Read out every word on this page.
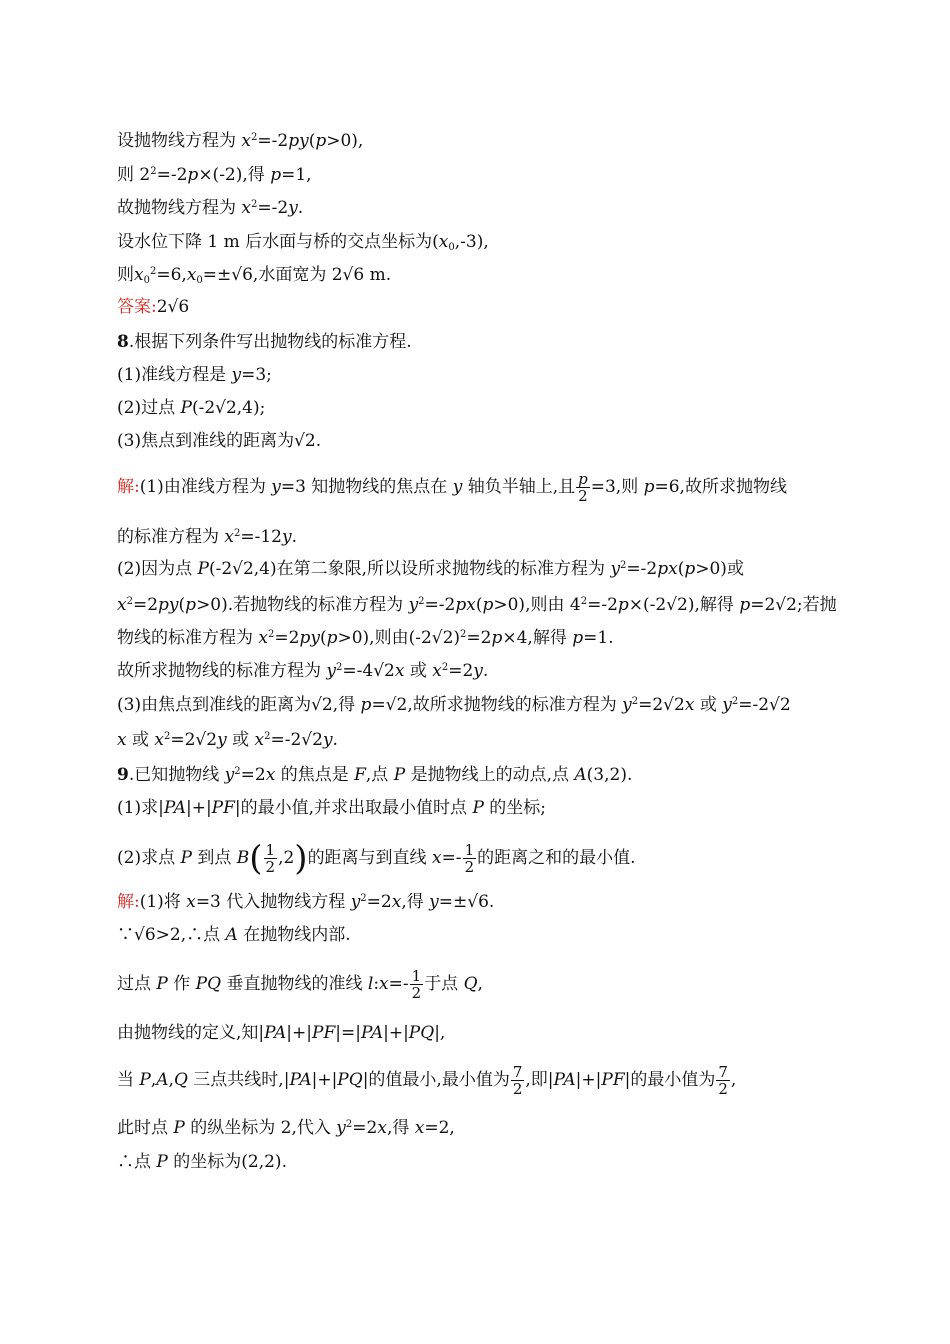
设抛物线方程为 $x^2=-2py(p>0)$,
则 $2^2=-2p\times(-2)$,得 p=1,
故抛物线方程为 $x^2=-2y$.
设水位下降 1 m 后水面与桥的交点坐标为$(x_0,-3)$,
则$x_0^2=6,x_0=\pm√6$,水面宽为 2√6 m.
答案:2√6
8.根据下列条件写出抛物线的标准方程.
(1)准线方程是 y=3;
(2)过点 P(-2√2,4);
(3)焦点到准线的距离为√2.
解:(1)由准线方程为 y=3 知抛物线的焦点在 y 轴负半轴上,且 $\frac{p}{2} =3$,则 p=6,故所求抛物线
的标准方程为 $x^2=-12y$.
(2)因为点 P(-2√2,4)在第二象限,所以设所求抛物线的标准方程为 $y^2=-2px(p>0)$或
$x^2=2py(p>0)$.若抛物线的标准方程为 $y^2=-2px(p>0)$,则由 $4^2=-2p\times(-2√2)$,解得 p=2√2;若抛
物线的标准方程为 $x^2=2py(p>0)$,则由$(-2√2)^2=2p\times 4$,解得 p=1.
故所求抛物线的标准方程为 $y^2=-4√2x$ 或 $x^2=2y$.
(3)由焦点到准线的距离为√2,得 p=√2,故所求抛物线的标准方程为 $y^2=2√2x$ 或 $y^2=-2√2$
x 或 $x^2=2√2y$ 或 $x^2=-2√2y$.
9.已知抛物线 $y^2=2x$ 的焦点是 F,点 P 是抛物线上的动点,点 A(3,2).
(1)求|PA|+|PF|的最小值,并求出取最小值时点 P 的坐标;
(2)求点 P 到点 $B( \frac{1}{2} ,2)$的距离与到直线 $x=- \frac{1}{2}$ 的距离之和的最小值.
解:(1)将 x=3 代入抛物线方程 $y^2=2x$,得 y=±√6.
∵√6>2,∴点 A 在抛物线内部.
过点 P 作 PQ 垂直抛物线的准线 l:x=- $\frac{1}{2}$ 于点 Q,
由抛物线的定义,知|PA|+|PF|=|PA|+|PQ|,
当 P,A,Q 三点共线时,|PA|+|PQ|的值最小,最小值为 $\frac{7}{2}$ ,即|PA|+|PF|的最小值为 $\frac{7}{2}$ ,
此时点 P 的纵坐标为 2,代入 $y^2=2x$,得 x=2,
∴点 P 的坐标为(2,2).
